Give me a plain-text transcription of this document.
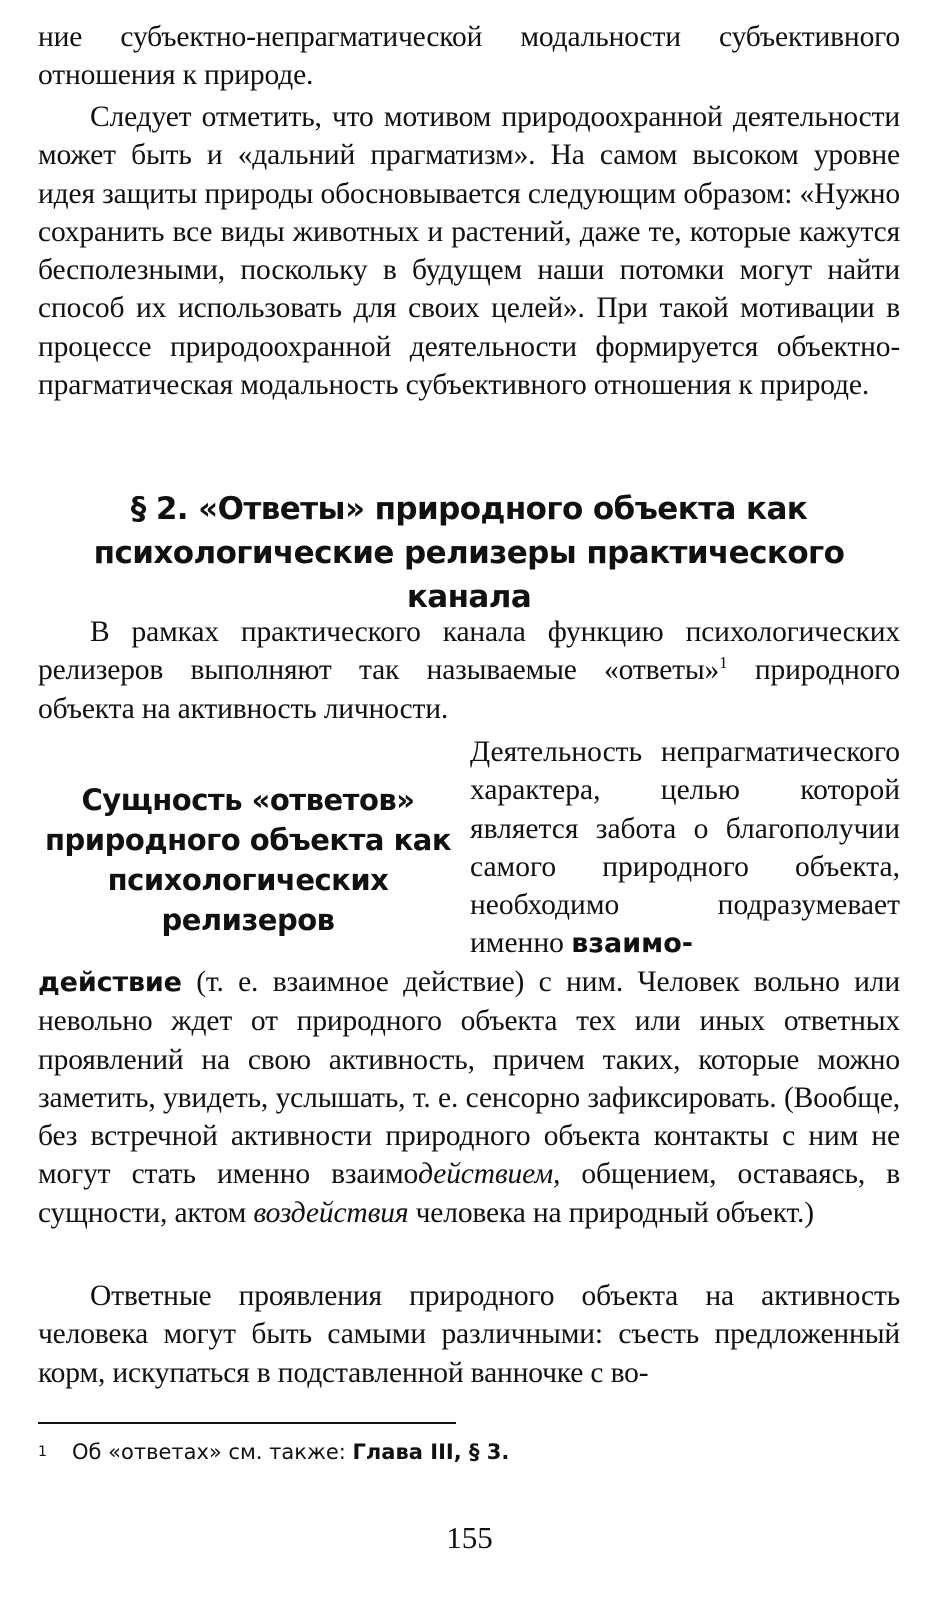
ние субъектно-непрагматической модальности субъективного отношения к природе.

Следует отметить, что мотивом природоохранной деятельности может быть и «дальний прагматизм». На самом высоком уровне идея защиты природы обосновывается следующим образом: «Нужно сохранить все виды животных и растений, даже те, которые кажутся бесполезными, поскольку в будущем наши потомки могут найти способ их использовать для своих целей». При такой мотивации в процессе природоохранной деятельности формируется объектно-прагматическая модальность субъективного отношения к природе.

§ 2. «Ответы» природного объекта как психологические релизеры практического канала

В рамках практического канала функцию психологических релизеров выполняют так называемые «ответы»$^1$ природного объекта на активность личности.

Сущность «ответов» природного объекта как психологических релизеров

Деятельность непрагматического характера, целью которой является забота о благополучии самого природного объекта, необходимо подразумевает именно взаимо-

действие (т. е. взаимное действие) с ним. Человек вольно или невольно ждет от природного объекта тех или иных ответных проявлений на свою активность, причем таких, которые можно заметить, увидеть, услышать, т. е. сенсорно зафиксировать. (Вообще, без встречной активности природного объекта контакты с ним не могут стать именно взаимодействием, общением, оставаясь, в сущности, актом воздействия человека на природный объект.)

Ответные проявления природного объекта на активность человека могут быть самыми различными: съесть предложенный корм, искупаться в подставленной ванночке с во-

1 Об «ответах» см. также: Глава III, § 3.
155
